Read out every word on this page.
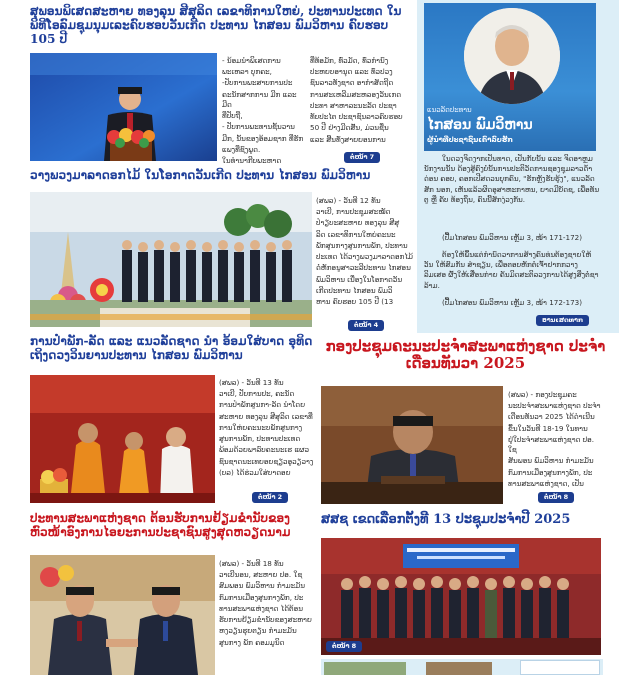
ສຸພອນພິເສດສະຫາຍ ທອງລຸນ ສີສຸລິດ ເລຂາທິການໃຫຍ່, ປະທານປະເທດ ໃນພິທີໂອລົມຊຸມນຸມເລະຄົບຮອບວັນເກີດ ປະທານ ໄກສອນ ພົມວິຫານ ຄົບຮອບ 105 ປີ

- ນ້ອມນຳພິເສດການ

ພະເຫລາ ບຸກຄະ,

-ປັບການພະສາບການປະ

ຄະນັກສາກການ ມີກ ແລະ ມີດ

ທີ່ປັບຖື,

- ປັບການພະທານຊັ້ນວານ

ມີກ, ນັ້ນຂອງອ້ອມຊາກ ທີ່ຮັກ

ແພງທີ່ຊົງພູດ.

ໃນທຳນາກີບພະຫາດ

ທີ່ທ້ອມັກ, ທົ່ວມັດ, ທົ່ວກຳນົງ

ປະຫຍບອານຸດ ແລະ ທົ່ວປວງ

ຊົນລາວທັງຊາດ ອາກຳສັດຖີດ

ການສະເຫລີມສະຫລອງວັນເກດ

ປະທາ ສາຫາລະນະລັດ ປະຊາ

ທັບປະໄຕ ປະຊາຊົນລາວຄົບຮອບ

50 ປີ ຢ່າງມີດສົ້ນ, ມ່ວນຊື່ນ

ແລະ ສີ້ນທັ່ງສາຍຍອນການ

ຕໍ່ໜ້າ 7
ແນວລັດປະທານ
ໄກສອນ ພົມວິຫານ
ຜູ້ນຳທີ່ປະຊາຊົນເຄົາລົບຮັກ
ໃນດວງຈິດງາກເປັນທາດ, ເປັນກັບນັ້ນ ແລະ ຈິດອາຫຼມ ນັກງານນັ້ນ ດ້ອງສູ້ຄົງບໍ່ນັ້ນການປະຕິວັດການຊອງຊຸມລາວດ້ຳດ່ອນ ຄອບ, ຄອກເປີສດວນບຸກຄົນ, "ຮັກຫຼັງຮັບຮູ້ງ", ແນວລັດສັກ ນອກ, ເຫັນແລ້ວຜິດອຸສາຫະກາຫນ, ຍາດມີບັດຊ, ເພື່ອທັນຕູ ຫຼື ຄັບ ທ້ອງຖິ່ນ, ຄົນນີ້ສັກງ່ວງກັນ.
(ປື້ມໄກສອນ ພົມວິຫານ ເຫຼັ້ມ 3, ໜ້າ 171-172)
ຕ້ອງໃຫ້ພຶ້ນແຕ່ກຳນົດວາການສ້າງຄົນທ່ນຕ້ອງຊາຍໃຫ້ວັນ ໃຫ້ສົມກັນ ສຳຊຽນ, ເພື່ອຕອບຫັກຕໍ່ເຈົ້າຢາກກວາງ ລິມເສອ ຜົ້ງໃຫ້ເສື່ອນກ່າຍ ຄັນມິດສະຕິລວງການໄດ້ສູງສິ່ງຕໍ່ຊາລ້າມ.
(ປື້ມໄກສອນ ພົມວິຫານ ເຫຼັ້ມ 3, ໜ້າ 172-173)
ອານເສດທາກ
ວາງພວງມາລາດອກໄມ້ ໃນໂອກາດວັນເກີດ ປະທານ ໄກສອນ ພົມວິຫານ

(ສພລ) - ວັນທີ 12 ທັນ

ວາເບີ, ການປະຊຸມສະໝັດ

ປຳຽບະສະຫາຍ ທອງລຸນ ສີສຸ

ລິດ ເລຂາທິການໃຫຍ່ຄະນະ

ພັກສູນກາງສູນການພັກ, ປະທານ

ປະເທດ ໄດ້ວາງພວງມາລາດອກໄມ້

ດໍ່ຫັກອນູສາວະລີປະທານ ໄກສອນ

ພົມວິຫານ ເນື່ອງໃນໂອກາດວັນ

ເກີດປະທານ ໄກສອນ ພົມວິ

ຫານ ຄົບຮອບ 105 ປີ (13

ຕໍ່ໜ້າ 4
ການປຳພັກ-ລັດ ແລະ ແນວລັດຊາດ ນຳ ອ້ອມໃສ່ບາດ ອຸທິດເຖິງດວງວິນຍານປະທານ ໄກສອນ ພົມວິຫານ

(ສພລ) - ວັນທີ 13 ທັນ

ວາເບີ, ປັບການປະ, ຄະນັດ

ການປຳພັກສູນກາ-ລັດ ນຳໂດຍ

ສະຫາຍ ທອງລຸນ ສີສຸລິດ ເລຂາທີ່

ການໃຫ່ຍຄະນະບພັກສູນກາງ

ສູນການພັກ, ປະທານປະເທດ

ພ້ອມດ້ວຍພາລົບຄະນະເຮ ແຜວ

ຊົນຊາດນະເທຍອຍຊຽວອູວຽວາງ

(ບລ) ໄດ້ຮ່ວມໃສ່ບາດອຍ

ຕໍ່ໜ້າ 2
ກອງປະຊຸມຄະນະປະຈຳສະພາແຫ່ງຊາດ ປະຈຳເດືອນທັນວາ 2025

(ສພລ) - ກອງປະຊຸມຄະ

ນະປະຈຳສະພາແຫ່ງຊາດ ປະຈໍາ

ເດືອນທັນວາ 2025 ໄດ້ດຳເນີນ

ຂຶ້ນໃນວັນທີ 18-19 ໃນທານ

ຢູ່ໃປະຈຳສະພາແຫ່ງຊາດ ປອ. ໃຊ

ສັນພອນ ພົມວິຫານ ກຳມະມັນ

ກົມການເມືອງສູນກາງພັກ, ປະ

ທານສະພາແຫ່ງຊາດ, ເປັນ

ຕໍ່ໜ້າ 8
ປະທານສະພາແຫ່ງຊາດ ຕ້ອນຮັບການຢ້ຽມຂໍ່ານັບຂອງ ຫົວໜ້າອົງການໄອຍະການປະຊາຊົນສູງສຸດຫວຽດນາມ

(ສພລ) - ວັນທີ 18 ທັນ

ວາເບີນອນ, ສະຫາຍ ປອ. ໃຊ

ສົມພອນ ພົມວິຫານ ກຳມະມັນ

ກົມການເມືອງສູນກາງພັກ, ປະ

ທານສະພາແຫ່ງຊາດ ໄດ້ຕ້ອນ

ຮັບການຢ້ຽມຂໍ່ານັບຂອງສະຫາຍ

ຫງວຽນຮຸຍຕຽນ ກຳມະມັນ

ສູນກາງ ພັກ ຄອມມູນິດ

ສສຊ ເຂດເລືອກຕັ້ງທີ 13 ປະຊຸມປະຈຳປີ 2025
ຕໍ່ໜ້າ 8
